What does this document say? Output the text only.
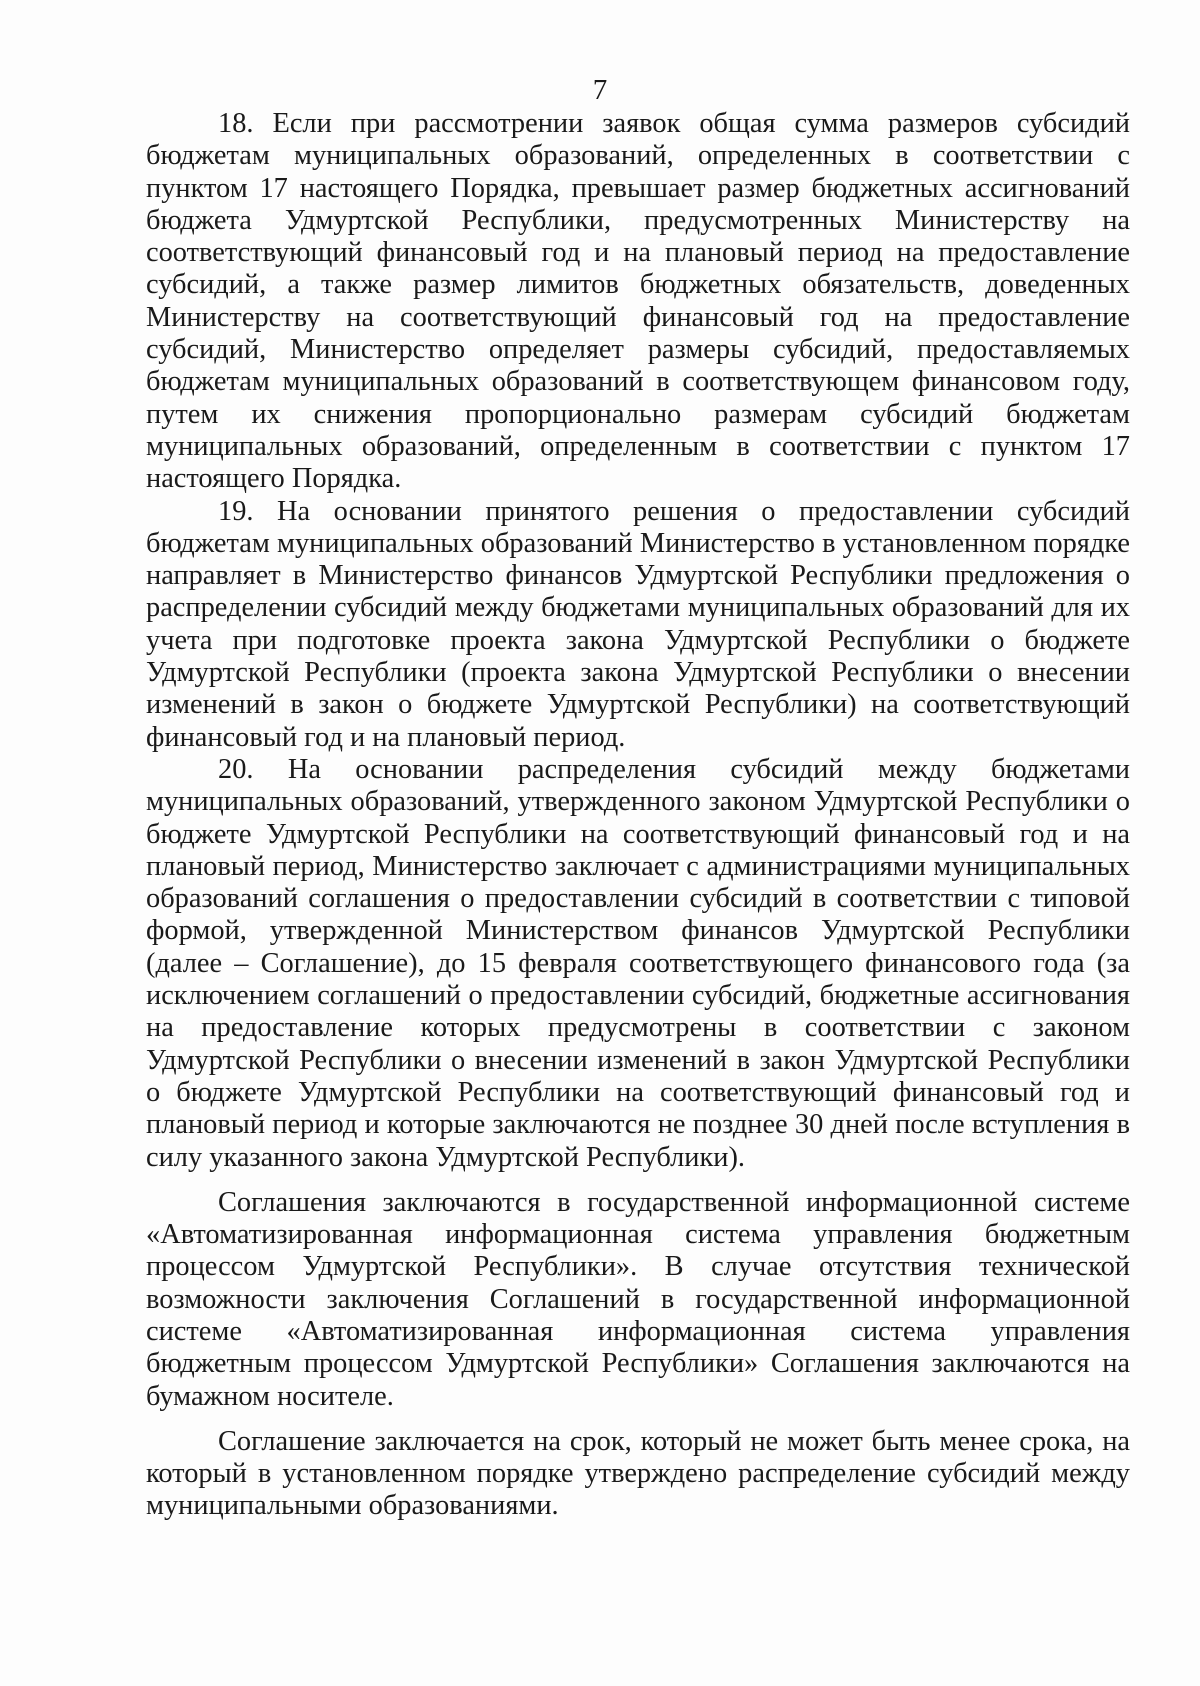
7

18. Если при рассмотрении заявок общая сумма размеров субсидий бюджетам муниципальных образований, определенных в соответствии с пунктом 17 настоящего Порядка, превышает размер бюджетных ассигнований бюджета Удмуртской Республики, предусмотренных Министерству на соответствующий финансовый год и на плановый период на предоставление субсидий, а также размер лимитов бюджетных обязательств, доведенных Министерству на соответствующий финансовый год на предоставление субсидий, Министерство определяет размеры субсидий, предоставляемых бюджетам муниципальных образований в соответствующем финансовом году, путем их снижения пропорционально размерам субсидий бюджетам муниципальных образований, определенным в соответствии с пунктом 17 настоящего Порядка.

19. На основании принятого решения о предоставлении субсидий бюджетам муниципальных образований Министерство в установленном порядке направляет в Министерство финансов Удмуртской Республики предложения о распределении субсидий между бюджетами муниципальных образований для их учета при подготовке проекта закона Удмуртской Республики о бюджете Удмуртской Республики (проекта закона Удмуртской Республики о внесении изменений в закон о бюджете Удмуртской Республики) на соответствующий финансовый год и на плановый период.

20. На основании распределения субсидий между бюджетами муниципальных образований, утвержденного законом Удмуртской Республики о бюджете Удмуртской Республики на соответствующий финансовый год и на плановый период, Министерство заключает с администрациями муниципальных образований соглашения о предоставлении субсидий в соответствии с типовой формой, утвержденной Министерством финансов Удмуртской Республики (далее – Соглашение), до 15 февраля соответствующего финансового года (за исключением соглашений о предоставлении субсидий, бюджетные ассигнования на предоставление которых предусмотрены в соответствии с законом Удмуртской Республики о внесении изменений в закон Удмуртской Республики о бюджете Удмуртской Республики на соответствующий финансовый год и плановый период и которые заключаются не позднее 30 дней после вступления в силу указанного закона Удмуртской Республики).

Соглашения заключаются в государственной информационной системе «Автоматизированная информационная система управления бюджетным процессом Удмуртской Республики». В случае отсутствия технической возможности заключения Соглашений в государственной информационной системе «Автоматизированная информационная система управления бюджетным процессом Удмуртской Республики» Соглашения заключаются на бумажном носителе.

Соглашение заключается на срок, который не может быть менее срока, на который в установленном порядке утверждено распределение субсидий между муниципальными образованиями.
